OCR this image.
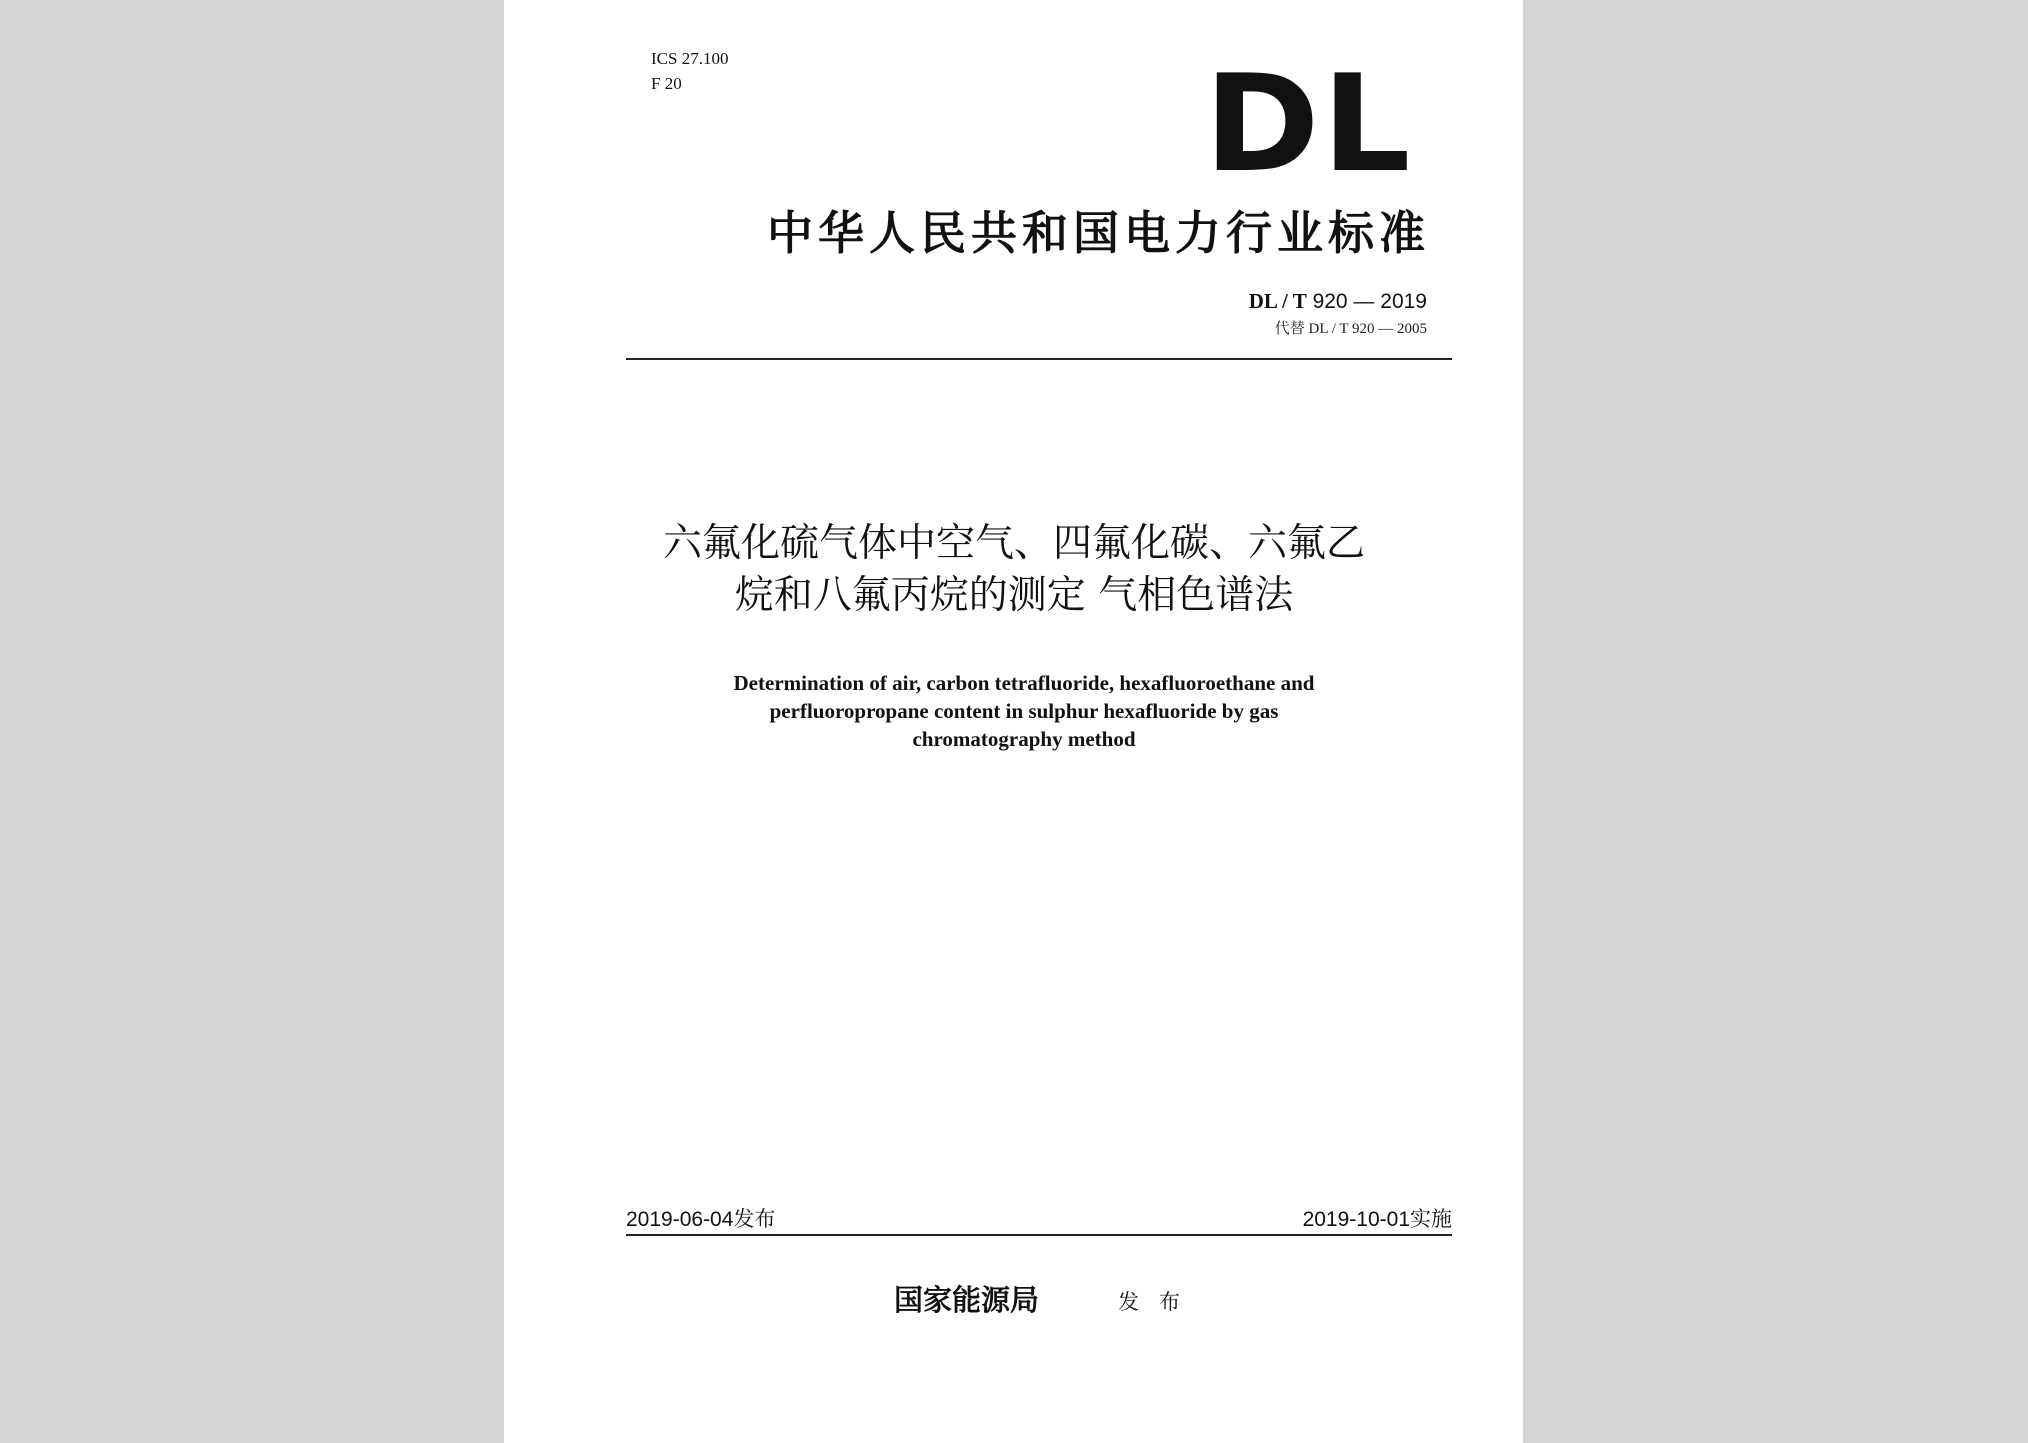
ICS 27.100
F 20	DL
中华人民共和国电力行业标准
DL / T 920 — 2019
代替 DL / T 920 — 2005
六氟化硫气体中空气、四氟化碳、六氟乙
烷和八氟丙烷的测定 气相色谱法
Determination of air, carbon tetrafluoride, hexafluoroethane and
perfluoropropane content in sulphur hexafluoride by gas
chromatography method
2019-06-04发布	2019-10-01实施
国家能源局	发布
